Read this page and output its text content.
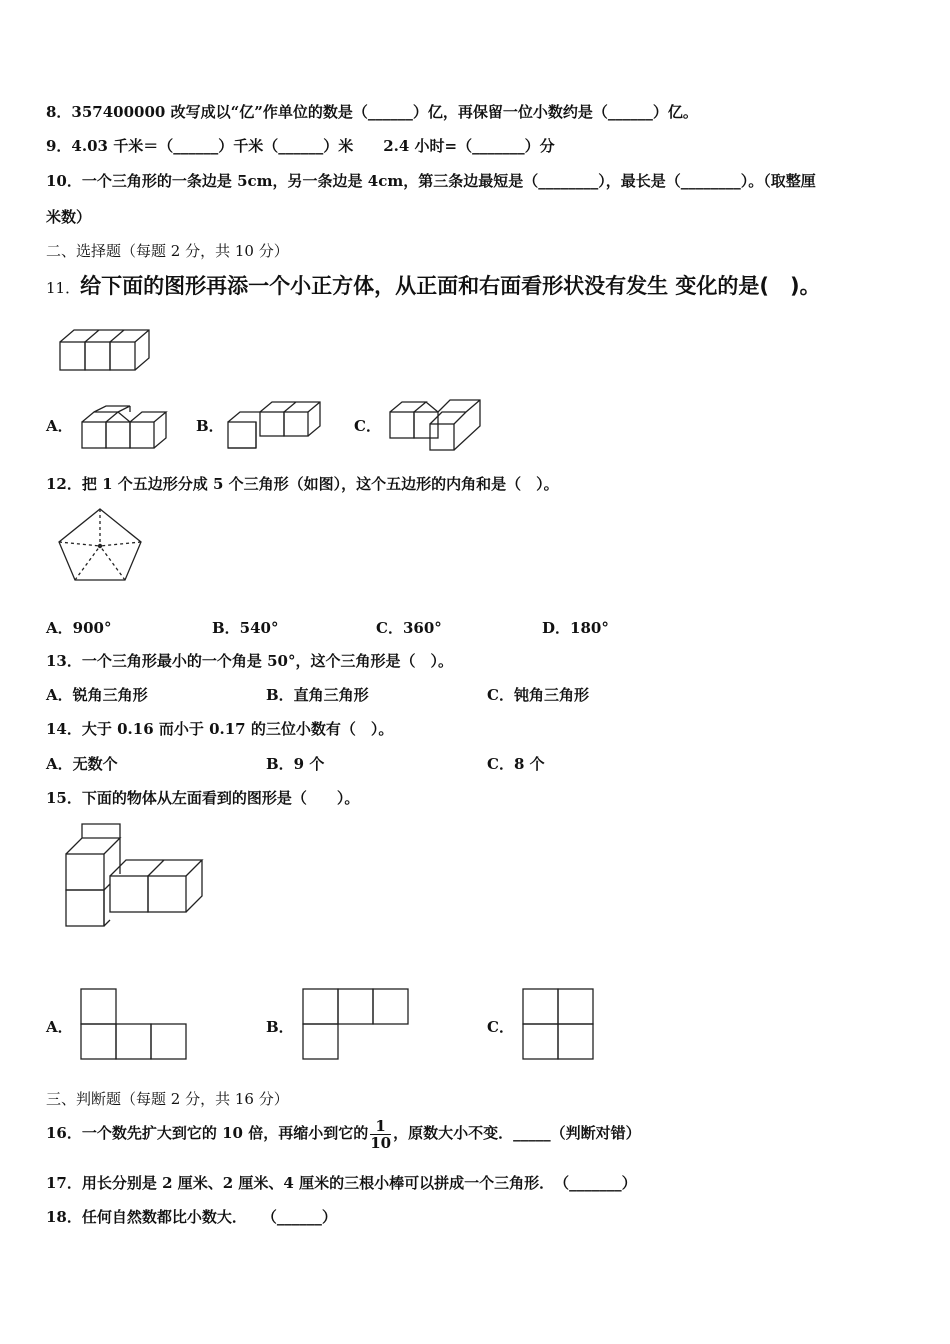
8．357400000 改写成以“亿”作单位的数是（______）亿，再保留一位小数约是（______）亿。
9．4.03 千米＝（______）千米（______）米　　2.4 小时=（_______）分
10．一个三角形的一条边是 5cm，另一条边是 4cm，第三条边最短是（________），最长是（________）。（取整厘
米数）
二、选择题（每题 2 分，共 10 分）
11．给下面的图形再添一个小正方体，从正面和右面看形状没有发生 变化的是(　)。
A．	B．	C．
12．把 1 个五边形分成 5 个三角形（如图），这个五边形的内角和是（　）。
A．900°	B．540°	C．360°	D．180°
13．一个三角形最小的一个角是 50°，这个三角形是（　）。
A．锐角三角形	B．直角三角形	C．钝角三角形
14．大于 0.16 而小于 0.17 的三位小数有（　）。
A．无数个	B．9 个	C．8 个
15．下面的物体从左面看到的图形是（　　）。
A．	B．	C．
三、判断题（每题 2 分，共 16 分）
16．一个数先扩大到它的 10 倍，再缩小到它的 $\frac{1}{10}$ ，原数大小不变．_____（判断对错）
17．用长分别是 2 厘米、2 厘米、4 厘米的三根小棒可以拼成一个三角形．　（_______）
18．任何自然数都比小数大．　　（______）
